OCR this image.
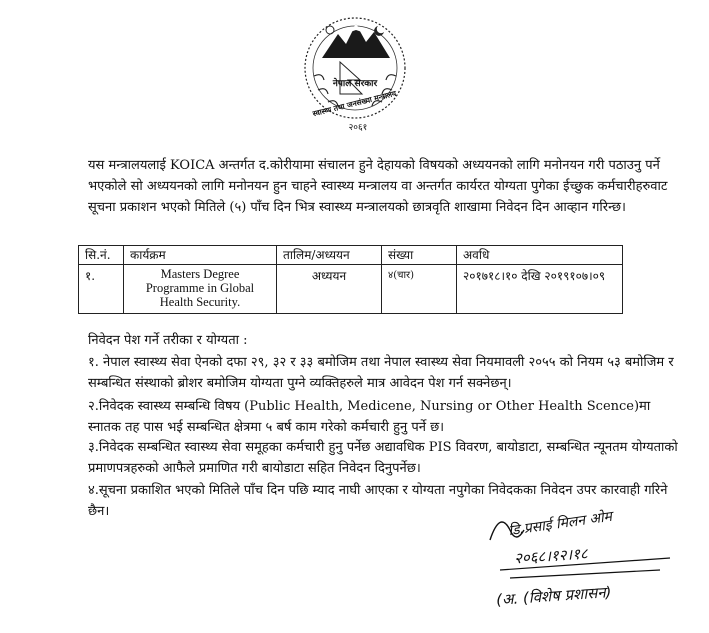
नेपाल सरकार
स्वास्थ्य तथा जनसंख्या मन्त्रालय
२०६१

यस मन्त्रालयलाई KOICA अन्तर्गत द.कोरीयामा संचालन हुने देहायको विषयको अध्ययनको लागि मनोनयन गरी पठाउनु पर्ने भएकोले सो अध्ययनको लागि मनोनयन हुन चाहने स्वास्थ्य मन्त्रालय वा अन्तर्गत कार्यरत योग्यता पुगेका ईच्छुक कर्मचारीहरुवाट सूचना प्रकाशन भएको मितिले (५) पाँच दिन भित्र स्वास्थ्य मन्त्रालयको छात्रवृति शाखामा निवेदन दिन आव्हान गरिन्छ।

सि.नं.	कार्यक्रम	तालिम/अध्ययन	संख्या	अवधि
१.	Masters Degree Programme in Global Health Security.	अध्ययन	४(चार)	२०१७१८।१० देखि २०१९१०७।०९

निवेदन पेश गर्ने तरीका र योग्यता :

१. नेपाल स्वास्थ्य सेवा ऐनको दफा २९, ३२ र ३३ बमोजिम तथा नेपाल स्वास्थ्य सेवा नियमावली २०५५ को नियम ५३ बमोजिम र सम्बन्धित संस्थाको ब्रोशर बमोजिम योग्यता पुग्ने व्यक्तिहरुले मात्र आवेदन पेश गर्न सक्नेछन्।

२.निवेदक स्वास्थ्य सम्बन्धि विषय (Public Health, Medicene, Nursing or Other Health Scence)मा स्नातक तह पास भई सम्बन्धित क्षेत्रमा ५ बर्ष काम गरेको कर्मचारी हुनु पर्ने छ।

३.निवेदक सम्बन्धित स्वास्थ्य सेवा समूहका कर्मचारी हुनु पर्नेछ अद्यावधिक PIS विवरण, बायोडाटा, सम्बन्धित न्यूनतम योग्यताको प्रमाणपत्रहरुको आफैले प्रमाणित गरी बायोडाटा सहित निवेदन दिनुपर्नेछ।

४.सूचना प्रकाशित भएको मितिले पाँच दिन पछि म्याद नाघी आएका र योग्यता नपुगेका निवेदकका निवेदन उपर कारवाही गरिने छैन।	डि.प्रसाई मिलन ओम
२०६८।१२।१८
(अ. (विशेष प्रशासन)
